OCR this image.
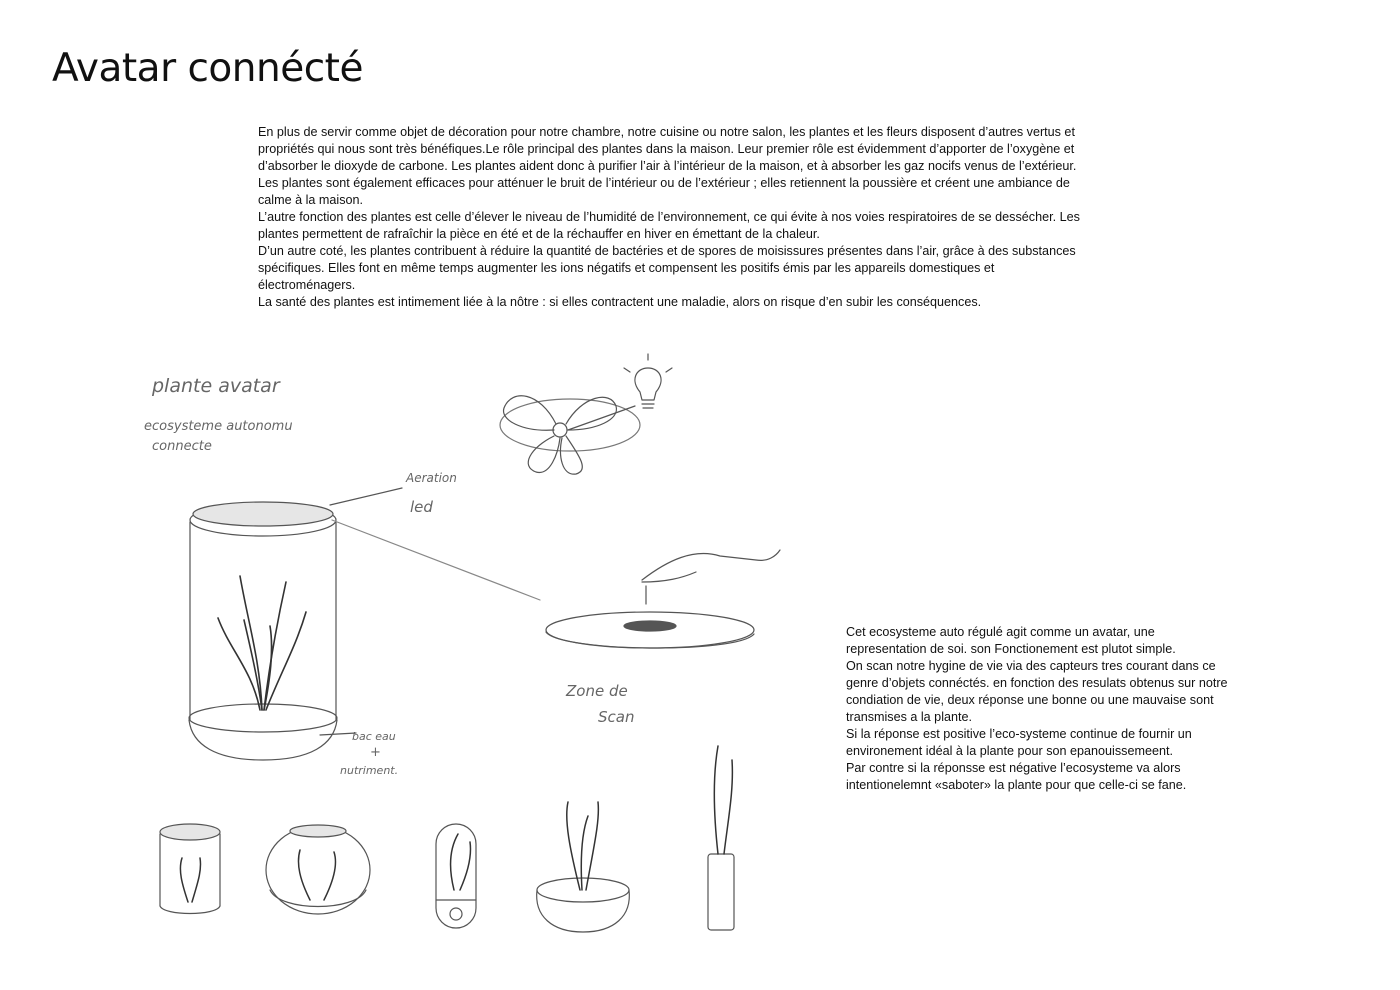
Avatar connécté

En plus de servir comme objet de décoration pour notre chambre, notre cuisine ou notre salon, les plantes et les fleurs disposent d’autres vertus et propriétés qui nous sont très bénéfiques.Le rôle principal des plantes dans la maison. Leur premier rôle est évidemment d’apporter de l’oxygène et d’absorber le dioxyde de carbone. Les plantes aident donc à purifier l’air à l’intérieur de la maison, et à absorber les gaz nocifs venus de l’extérieur. Les plantes sont également efficaces pour atténuer le bruit de l’intérieur ou de l’extérieur ; elles retiennent la poussière et créent une ambiance de calme à la maison.

L’autre fonction des plantes est celle d’élever le niveau de l’humidité de l’environnement, ce qui évite à nos voies respiratoires de se dessécher. Les plantes permettent de rafraîchir la pièce en été et de la réchauffer en hiver en émettant de la chaleur.

D’un autre coté, les plantes contribuent à réduire la quantité de bactéries et de spores de moisissures présentes dans l’air, grâce à des substances spécifiques. Elles font en même temps augmenter les ions négatifs et compensent les positifs émis par les appareils domestiques et électroménagers.

La santé des plantes est intimement liée à la nôtre : si elles contractent une maladie, alors on risque d’en subir les conséquences.

plante avatar
ecosysteme autonomu
connecte
Aeration
led
Zone de
Scan
bac eau
+
nutriment.

Cet ecosysteme auto régulé agit comme un avatar, une representation de soi. son Fonctionement est plutot simple.

On scan notre hygine de vie via des capteurs tres courant dans ce genre d’objets connéctés. en fonction des resulats obtenus sur notre condiation de vie, deux réponse une bonne ou une mauvaise sont transmises a la plante.

Si la réponse est positive l’eco-systeme continue de fournir un environement idéal à la plante pour son epanouissemeent.

Par contre si la réponsse est négative l’ecosysteme va alors intentionelemnt «saboter» la plante pour que celle-ci se fane.
